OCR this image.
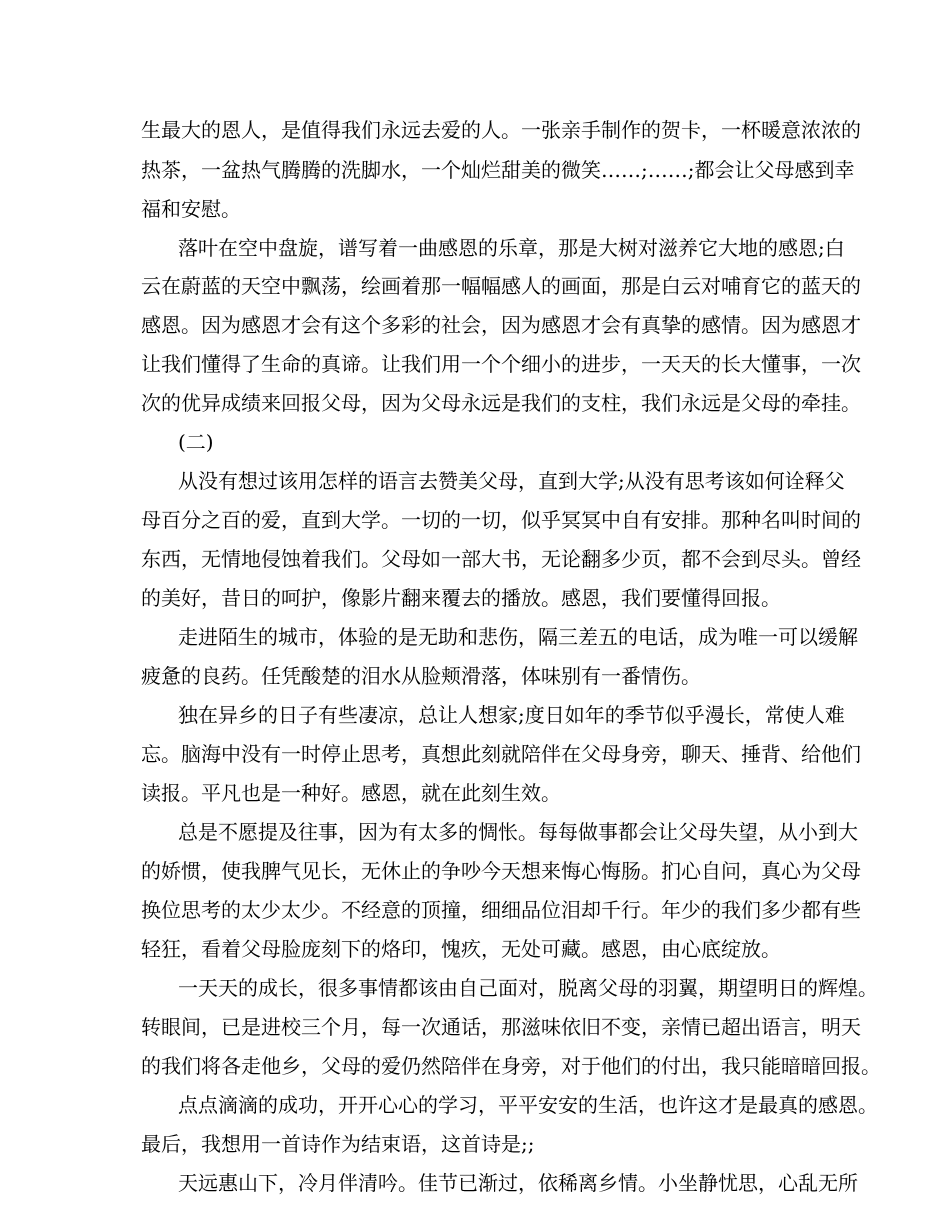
生最大的恩人，是值得我们永远去爱的人。一张亲手制作的贺卡，一杯暖意浓浓的
热茶，一盆热气腾腾的洗脚水，一个灿烂甜美的微笑……;……;都会让父母感到幸
福和安慰。
落叶在空中盘旋，谱写着一曲感恩的乐章，那是大树对滋养它大地的感恩;白
云在蔚蓝的天空中飘荡，绘画着那一幅幅感人的画面，那是白云对哺育它的蓝天的
感恩。因为感恩才会有这个多彩的社会，因为感恩才会有真挚的感情。因为感恩才
让我们懂得了生命的真谛。让我们用一个个细小的进步，一天天的长大懂事，一次
次的优异成绩来回报父母，因为父母永远是我们的支柱，我们永远是父母的牵挂。
(二)
从没有想过该用怎样的语言去赞美父母，直到大学;从没有思考该如何诠释父
母百分之百的爱，直到大学。一切的一切，似乎冥冥中自有安排。那种名叫时间的
东西，无情地侵蚀着我们。父母如一部大书，无论翻多少页，都不会到尽头。曾经
的美好，昔日的呵护，像影片翻来覆去的播放。感恩，我们要懂得回报。
走进陌生的城市，体验的是无助和悲伤，隔三差五的电话，成为唯一可以缓解
疲惫的良药。任凭酸楚的泪水从脸颊滑落，体味别有一番情伤。
独在异乡的日子有些凄凉，总让人想家;度日如年的季节似乎漫长，常使人难
忘。脑海中没有一时停止思考，真想此刻就陪伴在父母身旁，聊天、捶背、给他们
读报。平凡也是一种好。感恩，就在此刻生效。
总是不愿提及往事，因为有太多的惆怅。每每做事都会让父母失望，从小到大
的娇惯，使我脾气见长，无休止的争吵今天想来悔心悔肠。扪心自问，真心为父母
换位思考的太少太少。不经意的顶撞，细细品位泪却千行。年少的我们多少都有些
轻狂，看着父母脸庞刻下的烙印，愧疚，无处可藏。感恩，由心底绽放。
一天天的成长，很多事情都该由自己面对，脱离父母的羽翼，期望明日的辉煌。
转眼间，已是进校三个月，每一次通话，那滋味依旧不变，亲情已超出语言，明天
的我们将各走他乡，父母的爱仍然陪伴在身旁，对于他们的付出，我只能暗暗回报。
点点滴滴的成功，开开心心的学习，平平安安的生活，也许这才是最真的感恩。
最后，我想用一首诗作为结束语，这首诗是;;
天远惠山下，冷月伴清吟。佳节已渐过，依稀离乡情。小坐静忧思，心乱无所
